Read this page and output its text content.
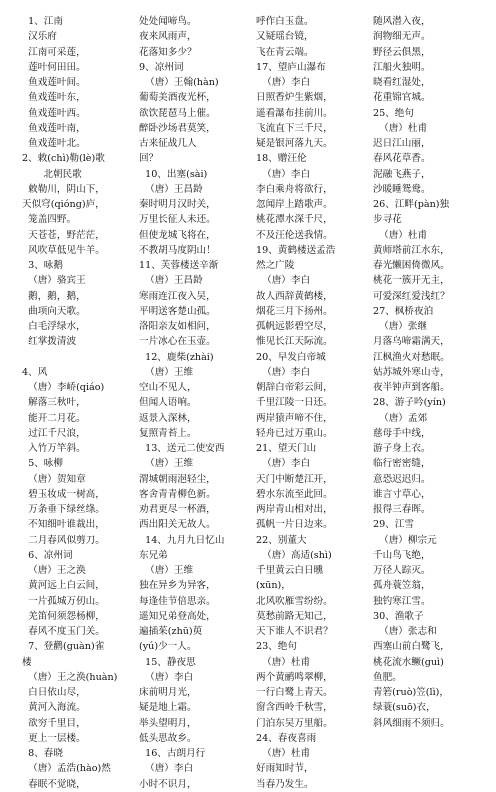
1、江南
汉乐府
江南可采莲，
莲叶何田田。
鱼戏莲叶间。
鱼戏莲叶东，
鱼戏莲叶西。
鱼戏莲叶南，
鱼戏莲叶北。
2、敕(chì)勒(lè)歌
北朝民歌
敕勒川，阴山下，
天似穹(qióng)庐，
笼盖四野。
天苍苍，野茫茫，
风吹草低见牛羊。
3、咏鹅
（唐）骆宾王
鹅，鹅，鹅，
曲项向天歌。
白毛浮绿水，
红掌拨清波
4、风
（唐）李峤(qiáo)
解落三秋叶，
能开二月花。
过江千尺浪，
入竹万竿斜。
5、咏柳
（唐）贺知章
碧玉妆成一树高，
万条垂下绿丝绦。
不知细叶谁裁出，
二月春风似剪刀。
6、凉州词
（唐）王之涣
黄河远上白云间，
一片孤城万仞山。
羌笛何须怨杨柳，
春风不度玉门关。
7、登鹳(guàn)雀
楼
（唐）王之涣(huàn)
白日依山尽，
黄河入海流。
欲穷千里目，
更上一层楼。
8、春晓
（唐）孟浩(hào)然
春眠不觉晓，
处处闻啼鸟。
夜来风雨声，
花落知多少？
9、凉州词
（唐）王翰(hàn)
葡萄美酒夜光杯，
欲饮琵琶马上催。
醉卧沙场君莫笑，
古来征战几人
回？
10、出塞(sài)
（唐）王昌龄
秦时明月汉时关，
万里长征人未还。
但使龙城飞将在，
不教胡马度阴山！
11、芙蓉楼送辛渐
（唐）王昌龄
寒雨连江夜入吴，
平明送客楚山孤。
洛阳亲友如相问，
一片冰心在玉壶。
12、鹿柴(zhài)
（唐）王维
空山不见人，
但闻人语响。
返景入深林，
复照青苔上。
13、送元二使安西
（唐）王维
渭城朝雨浥轻尘，
客舍青青柳色新。
劝君更尽一杯酒，
西出阳关无故人。
14、九月九日忆山
东兄弟
（唐）王维
独在异乡为异客，
每逢佳节倍思亲。
遥知兄弟登高处，
遍插茱(zhū)萸
(yú)少一人。
15、静夜思
（唐）李白
床前明月光，
疑是地上霜。
举头望明月，
低头思故乡。
16、古朗月行
（唐）李白
小时不识月，
呼作白玉盘。
又疑瑶台镜，
飞在青云端。
17、望庐山瀑布
（唐）李白
日照香炉生紫烟，
遥看瀑布挂前川。
飞流直下三千尺，
疑是银河落九天。
18、赠汪伦
（唐）李白
李白乘舟将欲行，
忽闻岸上踏歌声。
桃花潭水深千尺，
不及汪伦送我情。
19、黄鹤楼送孟浩
然之广陵
（唐）李白
故人西辞黄鹤楼，
烟花三月下扬州。
孤帆远影碧空尽，
惟见长江天际流。
20、早发白帝城
（唐）李白
朝辞白帝彩云间，
千里江陵一日还。
两岸猿声啼不住，
轻舟已过万重山。
21、望天门山
（唐）李白
天门中断楚江开，
碧水东流至此回。
两岸青山相对出，
孤帆一片日边来。
22、别董大
（唐）高适(shì)
千里黄云白日曛
(xūn)，
北风吹雁雪纷纷。
莫愁前路无知己，
天下谁人不识君？
23、绝句
（唐）杜甫
两个黄鹂鸣翠柳，
一行白鹭上青天。
窗含西岭千秋雪，
门泊东吴万里船。
24、春夜喜雨
（唐）杜甫
好雨知时节，
当春乃发生。
随风潜入夜，
润物细无声。
野径云俱黑，
江船火独明。
晓看红湿处，
花重锦官城。
25、绝句
（唐）杜甫
迟日江山丽，
春风花草香。
泥融飞燕子，
沙暖睡鸳鸯。
26、江畔(pàn)独
步寻花
（唐）杜甫
黄师塔前江水东，
春光懒困倚微风。
桃花一簇开无主，
可爱深红爱浅红？
27、枫桥夜泊
（唐）张继
月落乌啼霜满天，
江枫渔火对愁眠。
姑苏城外寒山寺，
夜半钟声到客船。
28、游子吟(yín)
（唐）孟郊
慈母手中线，
游子身上衣。
临行密密缝，
意恐迟迟归。
谁言寸草心，
报得三春晖。
29、江雪
（唐）柳宗元
千山鸟飞绝，
万径人踪灭。
孤舟蓑笠翁，
独钓寒江雪。
30、渔歌子
（唐）张志和
西塞山前白鹭飞，
桃花流水鳜(guì)
鱼肥。
青箬(ruò)笠(lì)，
绿蓑(suō)衣，
斜风细雨不须归。
